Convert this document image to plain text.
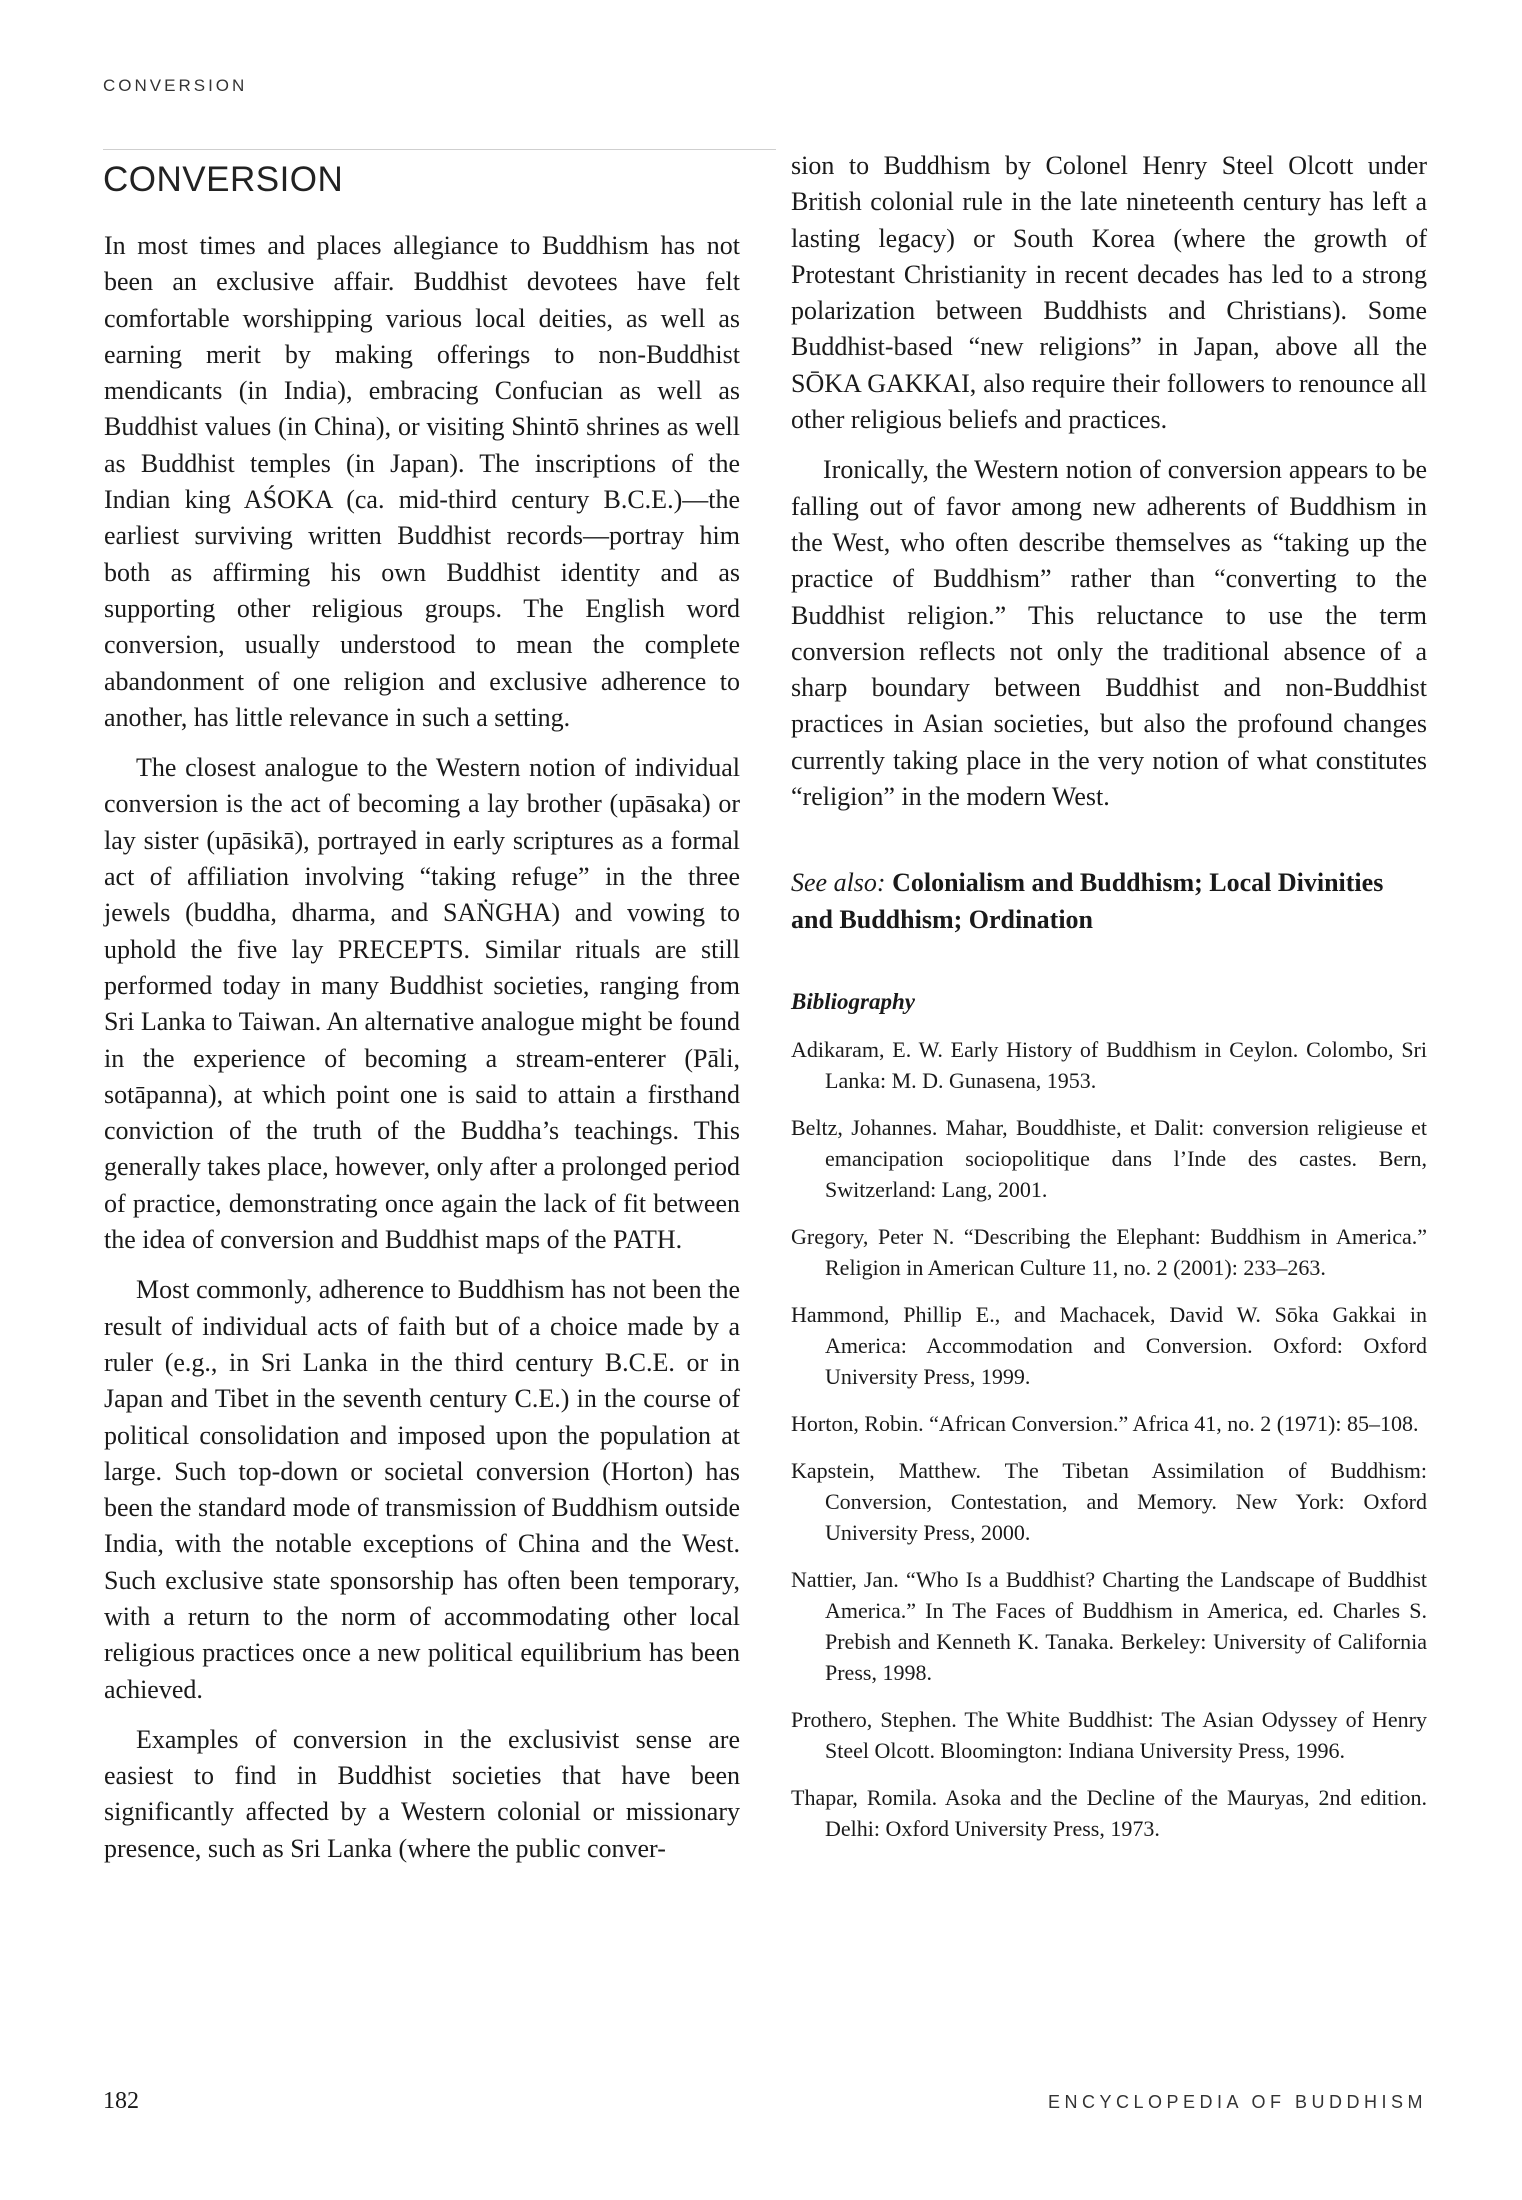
CONVERSION
CONVERSION

In most times and places allegiance to Buddhism has not been an exclusive affair. Buddhist devotees have felt comfortable worshipping various local deities, as well as earning merit by making offerings to non-Buddhist mendicants (in India), embracing Confucian as well as Buddhist values (in China), or visiting Shintō shrines as well as Buddhist temples (in Japan). The inscriptions of the Indian king AŚOKA (ca. mid-third century B.C.E.)—the earliest surviving written Buddhist records—portray him both as affirming his own Buddhist identity and as supporting other religious groups. The English word conversion, usually understood to mean the complete abandonment of one religion and exclusive adherence to another, has little relevance in such a setting.

The closest analogue to the Western notion of individual conversion is the act of becoming a lay brother (upāsaka) or lay sister (upāsikā), portrayed in early scriptures as a formal act of affiliation involving “taking refuge” in the three jewels (buddha, dharma, and SAṄGHA) and vowing to uphold the five lay PRECEPTS. Similar rituals are still performed today in many Buddhist societies, ranging from Sri Lanka to Taiwan. An alternative analogue might be found in the experience of becoming a stream-enterer (Pāli, sotāpanna), at which point one is said to attain a firsthand conviction of the truth of the Buddha’s teachings. This generally takes place, however, only after a prolonged period of practice, demonstrating once again the lack of fit between the idea of conversion and Buddhist maps of the PATH.

Most commonly, adherence to Buddhism has not been the result of individual acts of faith but of a choice made by a ruler (e.g., in Sri Lanka in the third century B.C.E. or in Japan and Tibet in the seventh century C.E.) in the course of political consolidation and imposed upon the population at large. Such top-down or societal conversion (Horton) has been the standard mode of transmission of Buddhism outside India, with the notable exceptions of China and the West. Such exclusive state sponsorship has often been temporary, with a return to the norm of accommodating other local religious practices once a new political equilibrium has been achieved.

Examples of conversion in the exclusivist sense are easiest to find in Buddhist societies that have been significantly affected by a Western colonial or missionary presence, such as Sri Lanka (where the public conver-

sion to Buddhism by Colonel Henry Steel Olcott under British colonial rule in the late nineteenth century has left a lasting legacy) or South Korea (where the growth of Protestant Christianity in recent decades has led to a strong polarization between Buddhists and Christians). Some Buddhist-based “new religions” in Japan, above all the SŌKA GAKKAI, also require their followers to renounce all other religious beliefs and practices.

Ironically, the Western notion of conversion appears to be falling out of favor among new adherents of Buddhism in the West, who often describe themselves as “taking up the practice of Buddhism” rather than “converting to the Buddhist religion.” This reluctance to use the term conversion reflects not only the traditional absence of a sharp boundary between Buddhist and non-Buddhist practices in Asian societies, but also the profound changes currently taking place in the very notion of what constitutes “religion” in the modern West.

See also: Colonialism and Buddhism; Local Divinities and Buddhism; Ordination

Bibliography

Adikaram, E. W. Early History of Buddhism in Ceylon. Colombo, Sri Lanka: M. D. Gunasena, 1953.

Beltz, Johannes. Mahar, Bouddhiste, et Dalit: conversion religieuse et emancipation sociopolitique dans l’Inde des castes. Bern, Switzerland: Lang, 2001.

Gregory, Peter N. “Describing the Elephant: Buddhism in America.” Religion in American Culture 11, no. 2 (2001): 233–263.

Hammond, Phillip E., and Machacek, David W. Sōka Gakkai in America: Accommodation and Conversion. Oxford: Oxford University Press, 1999.

Horton, Robin. “African Conversion.” Africa 41, no. 2 (1971): 85–108.

Kapstein, Matthew. The Tibetan Assimilation of Buddhism: Conversion, Contestation, and Memory. New York: Oxford University Press, 2000.

Nattier, Jan. “Who Is a Buddhist? Charting the Landscape of Buddhist America.” In The Faces of Buddhism in America, ed. Charles S. Prebish and Kenneth K. Tanaka. Berkeley: University of California Press, 1998.

Prothero, Stephen. The White Buddhist: The Asian Odyssey of Henry Steel Olcott. Bloomington: Indiana University Press, 1996.

Thapar, Romila. Asoka and the Decline of the Mauryas, 2nd edition. Delhi: Oxford University Press, 1973.

182	ENCYCLOPEDIA OF BUDDHISM
